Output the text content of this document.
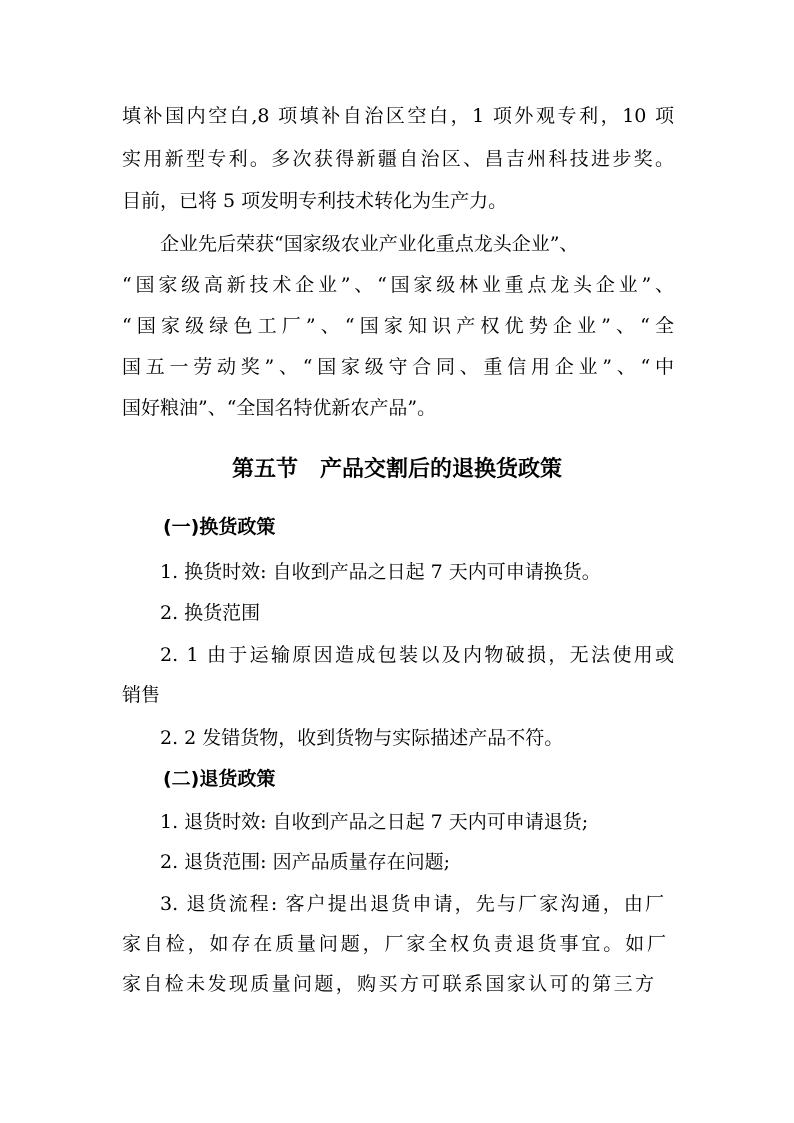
填补国内空白,8 项填补自治区空白，1 项外观专利，10 项
实用新型专利。多次获得新疆自治区、昌吉州科技进步奖。
目前，已将 5 项发明专利技术转化为生产力。
企业先后荣获“国家级农业产业化重点龙头企业”、
“国家级高新技术企业”、“国家级林业重点龙头企业”、
“国家级绿色工厂”、“国家知识产权优势企业”、“全
国五一劳动奖”、“国家级守合同、重信用企业”、“中
国好粮油”、“全国名特优新农产品”。
第五节　产品交割后的退换货政策
(一)换货政策
1. 换货时效: 自收到产品之日起 7 天内可申请换货。
2. 换货范围
2. 1 由于运输原因造成包装以及内物破损，无法使用或
销售
2. 2 发错货物，收到货物与实际描述产品不符。
(二)退货政策
1. 退货时效: 自收到产品之日起 7 天内可申请退货;
2. 退货范围: 因产品质量存在问题;
3. 退货流程: 客户提出退货申请，先与厂家沟通，由厂
家自检，如存在质量问题，厂家全权负责退货事宜。如厂
家自检未发现质量问题，购买方可联系国家认可的第三方
